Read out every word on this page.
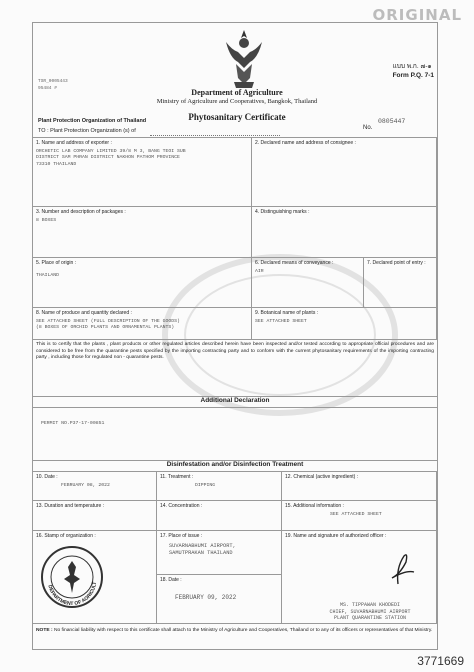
ORIGINAL
แบบ พ.ก. ๗-๑
Form P.Q. 7-1
TSR_0005443
95484 #	Department of Agriculture
Ministry of Agriculture and Cooperatives, Bangkok, Thailand
Phytosanitary Certificate
Plant Protection Organization of Thailand
TO : Plant Protection Organization (s) of	No.
0805447
1. Name and address of exporter :
ORCHETIC LAB COMPANY LIMITED 39/8 M 3, BANG TEOI SUB
DISTRICT SAM PHRAN DISTRICT NAKHON PATHOM PROVINCE
73310 THAILAND
2. Declared name and address of consignee :
3. Number and description of packages :
8 BOXES
4. Distinguishing marks :
5. Place of origin :
THAILAND
6. Declared means of conveyance :
AIR
7. Declared point of entry :
8. Name of produce and quantity declared :
SEE ATTACHED SHEET (FULL DESCRIPTION OF THE GOODS)
(8 BOXES OF ORCHID PLANTS AND ORNAMENTAL PLANTS)
9. Botanical name of plants :
SEE ATTACHED SHEET
This is to certify that the plants , plant products or other regulated articles described herein have been inspected and/or tested according to appropriate official procedures and are considered to be free from the quarantine pests specified by the importing contracting party and to conform with the current phytosanitary requirements of the importing contracting party , including those for regulated non - quarantine pests.
Additional Declaration
PERMIT NO.P37-17-00851
Disinfestation and/or Disinfection Treatment
10. Date :
FEBRUARY 08, 2022
11. Treatment :
DIPPING
12. Chemical (active ingredient) :
13. Duration and temperature :	14. Concentration :	15. Additional information :
SEE ATTACHED SHEET
16. Stamp of organization :	17. Place of issue :
SUVARNABHUMI AIRPORT,
SAMUTPRAKAN THAILAND
18. Date :
FEBRUARY 09, 2022
19. Name and signature of authorized officer :
DEPARTMENT OF AGRICULT
MS. TIPPAWAN KHODEDI
CHIEF, SUVARNABHUMI AIRPORT
PLANT QUARANTINE STATION
NOTE : No financial liability with respect to this certificate shall attach to the Ministry of Agriculture and Cooperatives, Thailand or to any of its officers or representatives of that Ministry.
3771669
